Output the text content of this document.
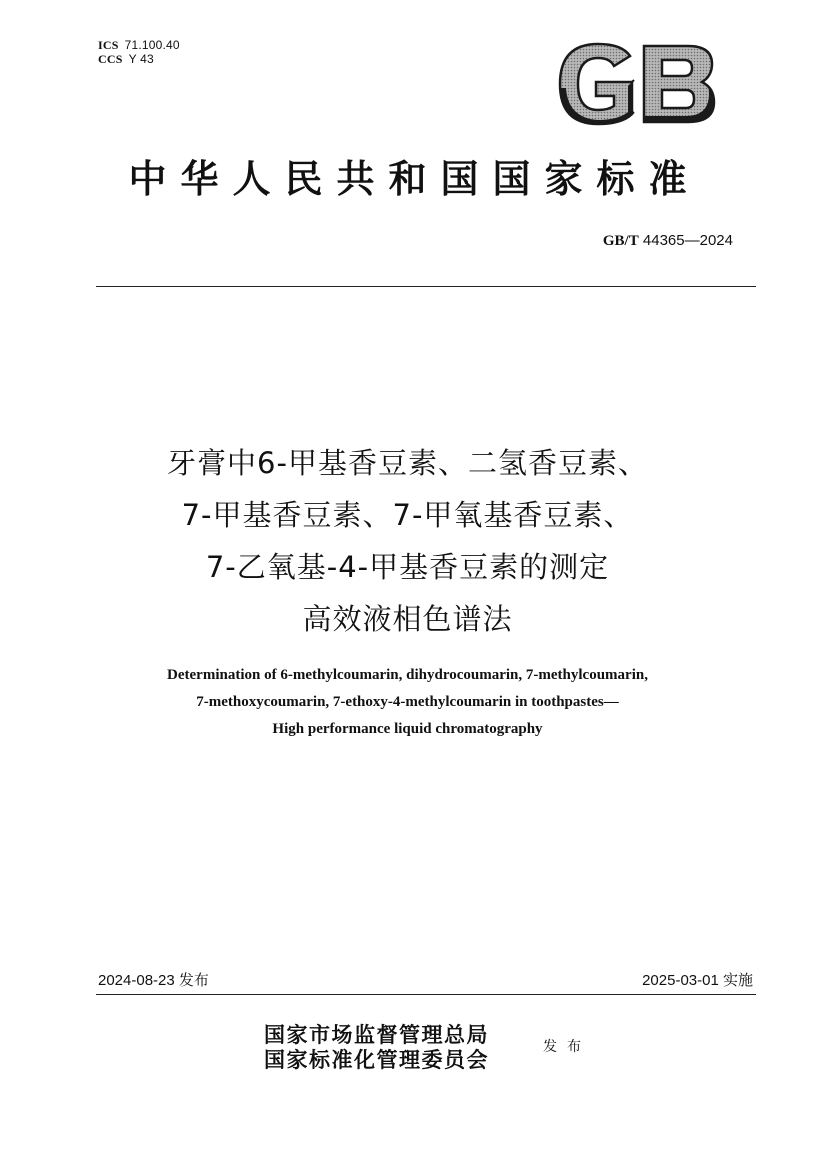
ICS 71.100.40
CCS Y 43
GB
中华人民共和国国家标准
GB/T 44365—2024
牙膏中6-甲基香豆素、二氢香豆素、
7-甲基香豆素、7-甲氧基香豆素、
7-乙氧基-4-甲基香豆素的测定
高效液相色谱法
Determination of 6-methylcoumarin, dihydrocoumarin, 7-methylcoumarin,
7-methoxycoumarin, 7-ethoxy-4-methylcoumarin in toothpastes—
High performance liquid chromatography
2024-08-23 发布	2025-03-01 实施
国家市场监督管理总局
国家标准化管理委员会	发布
